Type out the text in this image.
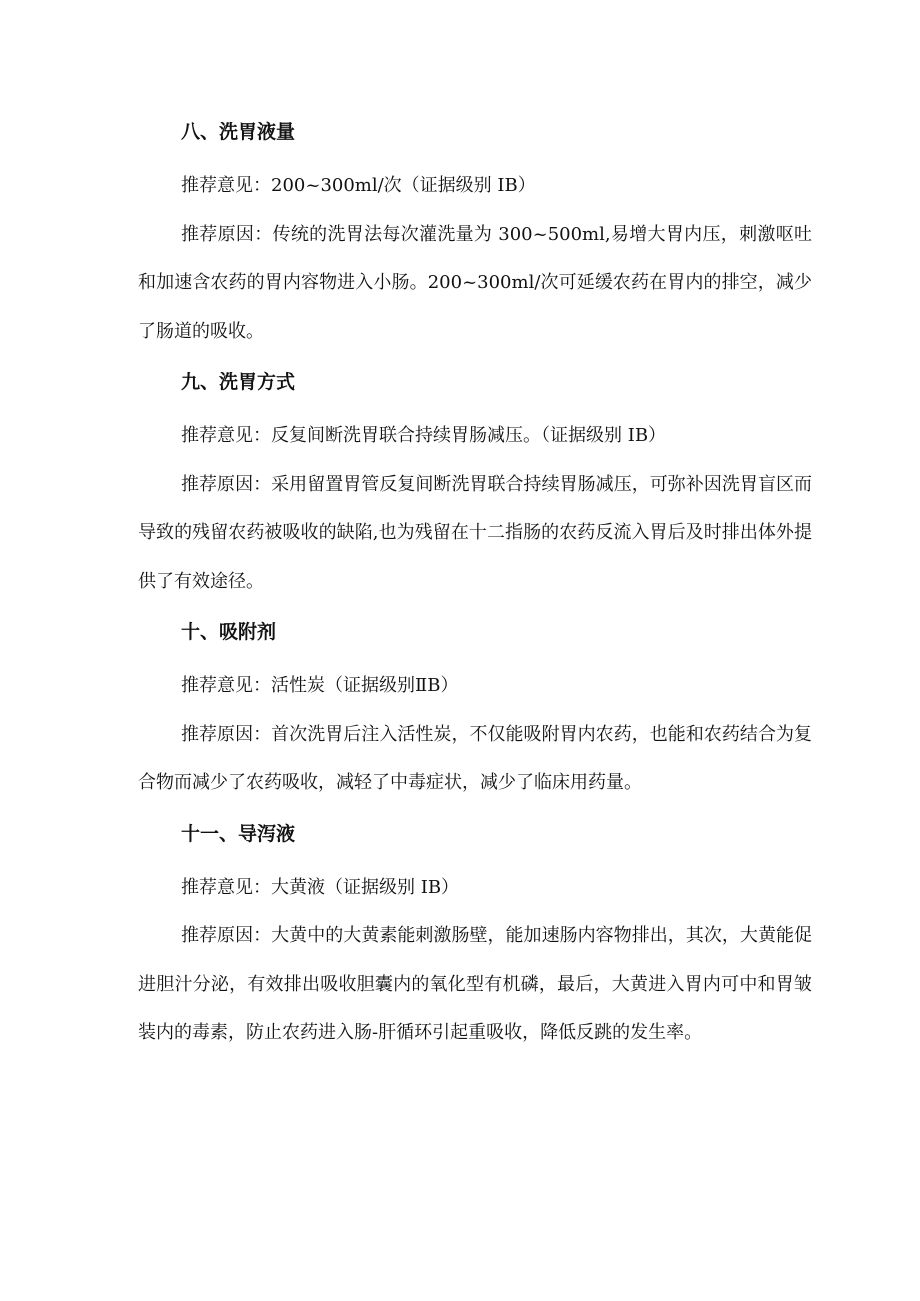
八、洗胃液量

推荐意见：200~300ml/次（证据级别 IB）

推荐原因：传统的洗胃法每次灌洗量为 300~500ml,易增大胃内压，刺激呕吐和加速含农药的胃内容物进入小肠。200~300ml/次可延缓农药在胃内的排空，减少了肠道的吸收。

九、洗胃方式

推荐意见：反复间断洗胃联合持续胃肠减压。（证据级别 IB）

推荐原因：采用留置胃管反复间断洗胃联合持续胃肠减压，可弥补因洗胃盲区而导致的残留农药被吸收的缺陷,也为残留在十二指肠的农药反流入胃后及时排出体外提供了有效途径。

十、吸附剂

推荐意见：活性炭（证据级别ⅡB）

推荐原因：首次洗胃后注入活性炭，不仅能吸附胃内农药，也能和农药结合为复合物而减少了农药吸收，减轻了中毒症状，减少了临床用药量。

十一、导泻液

推荐意见：大黄液（证据级别 IB）

推荐原因：大黄中的大黄素能刺激肠壁，能加速肠内容物排出，其次，大黄能促进胆汁分泌，有效排出吸收胆囊内的氧化型有机磷，最后，大黄进入胃内可中和胃皱装内的毒素，防止农药进入肠-肝循环引起重吸收，降低反跳的发生率。
